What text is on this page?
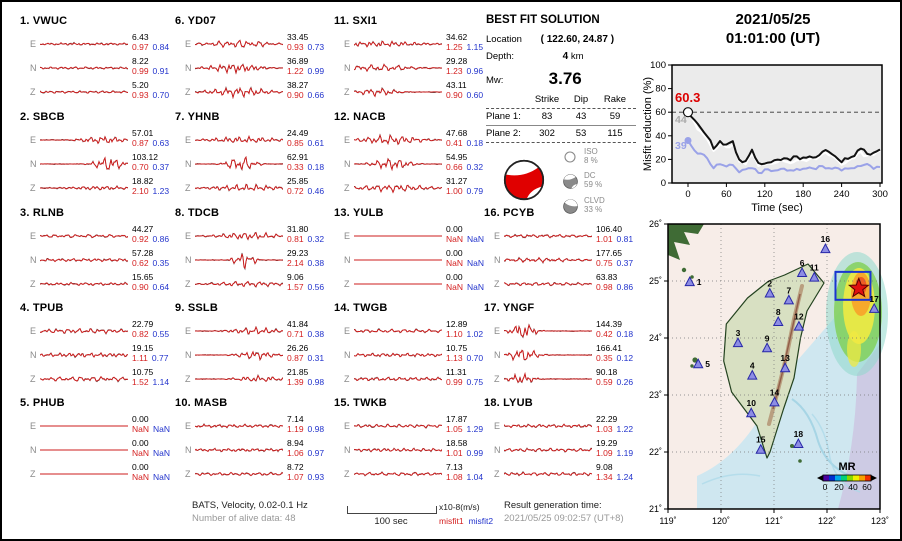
1. VWUC
E
6.43
0.97 0.84
N
8.22
0.99 0.91
Z
5.20
0.93 0.70
2. SBCB
E
57.01
0.87 0.63
N
103.12
0.70 0.37
Z
18.82
2.10 1.23
3. RLNB
E
44.27
0.92 0.86
N
57.28
0.62 0.35
Z
15.65
0.90 0.64
4. TPUB
E
22.79
0.82 0.55
N
19.15
1.11 0.77
Z
10.75
1.52 1.14
5. PHUB
E
0.00
NaN NaN
N
0.00
NaN NaN
Z
0.00
NaN NaN
6. YD07
E
33.45
0.93 0.73
N
36.89
1.22 0.99
Z
38.27
0.90 0.66
7. YHNB
E
24.49
0.85 0.61
N
62.91
0.33 0.18
Z
25.85
0.72 0.46
8. TDCB
E
31.80
0.81 0.32
N
29.23
2.14 0.38
Z
9.06
1.57 0.56
9. SSLB
E
41.84
0.71 0.38
N
26.26
0.87 0.31
Z
21.85
1.39 0.98
10. MASB
E
7.14
1.19 0.98
N
8.94
1.06 0.97
Z
8.72
1.07 0.93
11. SXI1
E
34.62
1.25 1.15
N
29.28
1.23 0.96
Z
43.11
0.90 0.60
12. NACB
E
47.68
0.41 0.18
N
54.95
0.66 0.32
Z
31.27
1.00 0.79
13. YULB
E
0.00
NaN NaN
N
0.00
NaN NaN
Z
0.00
NaN NaN
14. TWGB
E
12.89
1.10 1.02
N
10.75
1.13 0.70
Z
11.31
0.99 0.75
15. TWKB
E
17.87
1.05 1.29
N
18.58
1.01 0.99
Z
7.13
1.08 1.04
16. PCYB
E
106.40
1.01 0.81
N
177.65
0.75 0.37
Z
63.83
0.98 0.86
17. YNGF
E
144.39
0.42 0.18
N
166.41
0.35 0.12
Z
90.18
0.59 0.26
18. LYUB
E
22.29
1.03 1.22
N
19.29
1.09 1.19
Z
9.08
1.34 1.24
BEST FIT SOLUTION
Location ( 122.60, 24.87 )
Depth:	4 km
Mw:	3.76
Strike	Dip	Rake
Plane 1:	83	43	59
Plane 2:	302	53	115
ISO
8 %
DC
59 %
CLVD
33 %
2021/05/25
01:01:00 (UT)
0	60	120 180 240 300
0
20
40
60
80
100
Time (sec)
Misfit reduction (%) 60.3
44
39
1	2
3
4
5
6
7
8
9
10
11
12
13
14
15
16
17
18
MR
0 20 40 60
119˚	120˚	121˚	122˚	123˚
26˚
25˚
24˚
23˚
22˚
21˚
BATS, Velocity, 0.02-0.1 Hz
Number of alive data: 48	100 sec
x10-8(m/s)
misfit1 misfit2
Result generation time:
2021/05/25 09:02:57 (UT+8)
